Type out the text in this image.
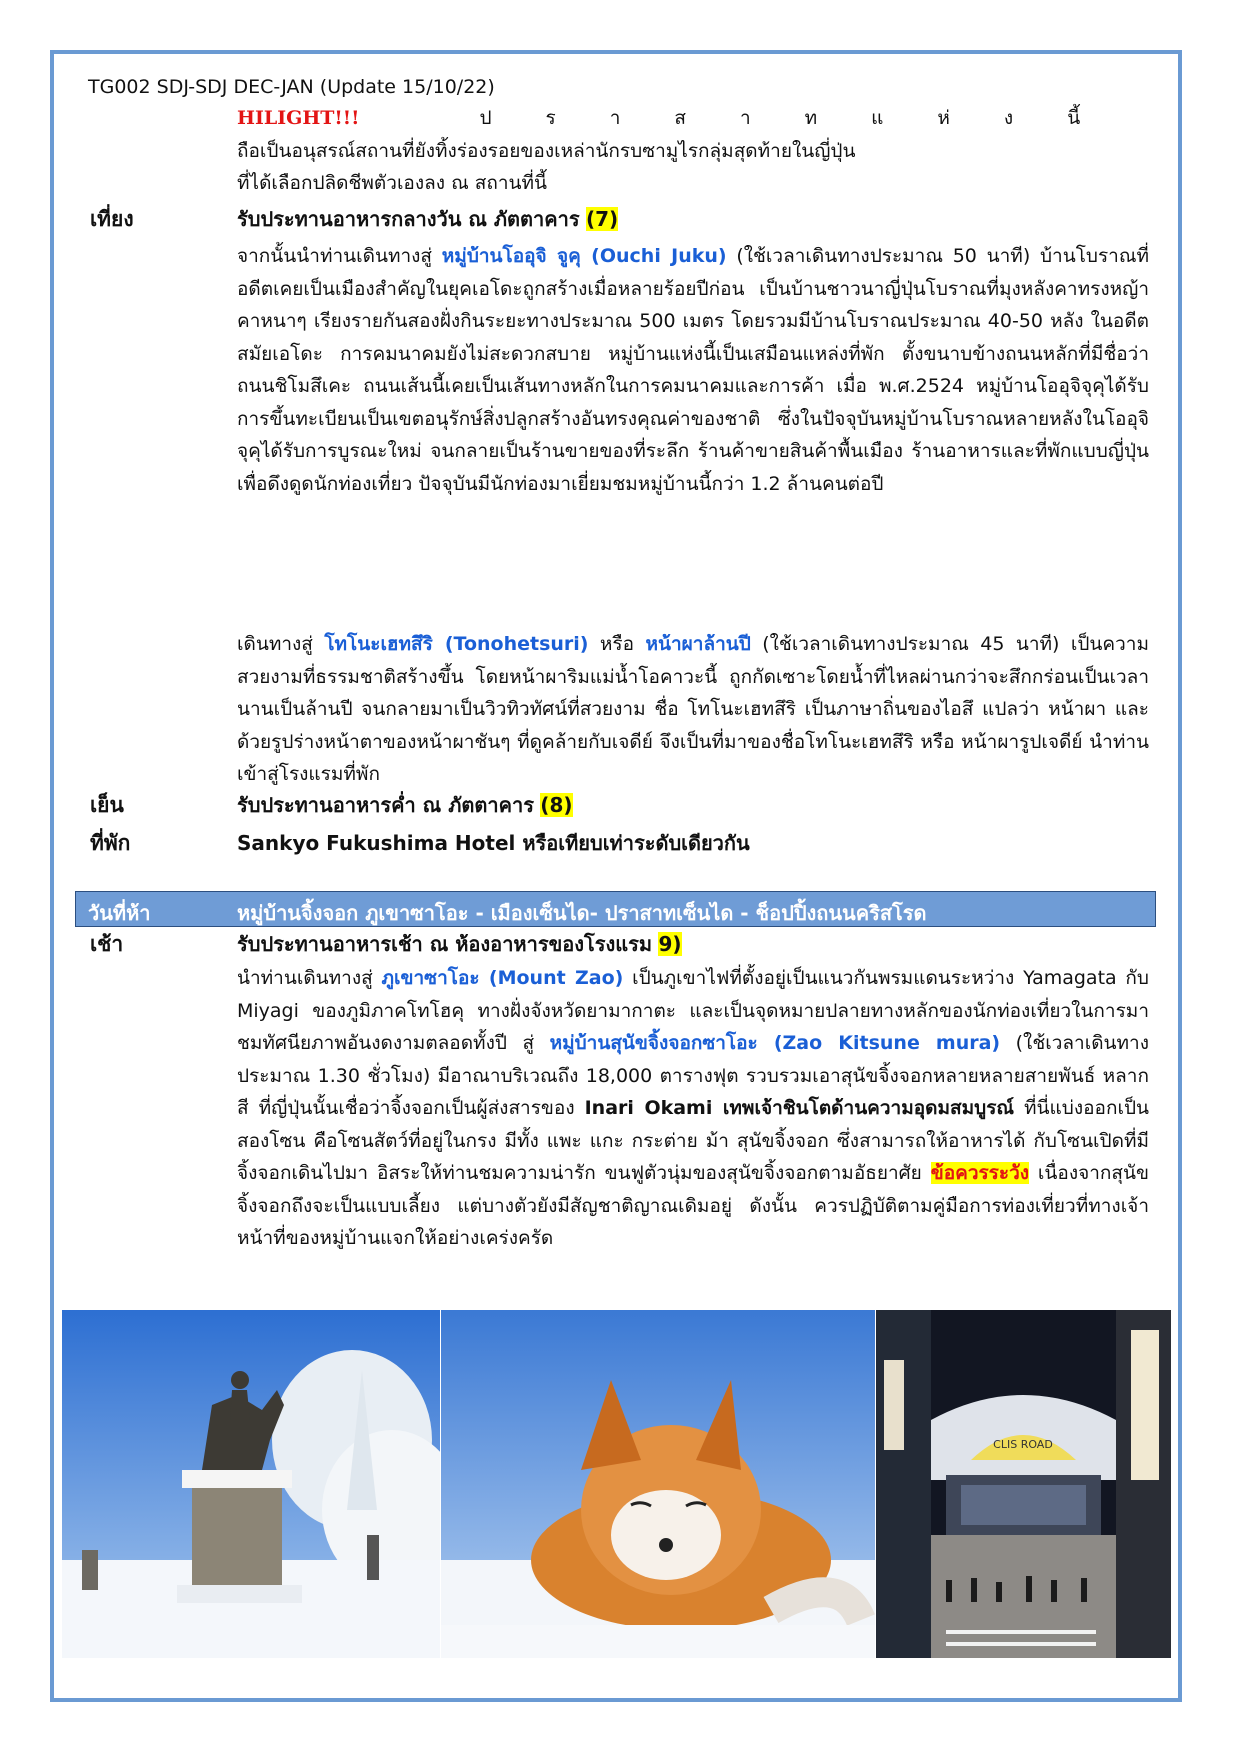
TG002 SDJ-SDJ DEC-JAN (Update 15/10/22)
HILIGHT!!!	ปราสาทแห่งนี้
ถือเป็นอนุสรณ์สถานที่ยังทิ้งร่องรอยของเหล่านักรบซามูไรกลุ่มสุดท้ายในญี่ปุ่น
ที่ได้เลือกปลิดชีพตัวเองลง ณ สถานที่นี้
เที่ยง	รับประทานอาหารกลางวัน ณ ภัตตาคาร (7)
จากนั้นนำท่านเดินทางสู่ หมู่บ้านโออุจิ จูคุ (Ouchi Juku) (ใช้เวลาเดินทางประมาณ 50 นาที) บ้านโบราณที่อดีตเคยเป็นเมืองสำคัญในยุคเอโดะถูกสร้างเมื่อหลายร้อยปีก่อน เป็นบ้านชาวนาญี่ปุ่นโบราณที่มุงหลังคาทรงหญ้าคาหนาๆ เรียงรายกันสองฝั่งกินระยะทางประมาณ 500 เมตร โดยรวมมีบ้านโบราณประมาณ 40-50 หลัง ในอดีตสมัยเอโดะ การคมนาคมยังไม่สะดวกสบาย หมู่บ้านแห่งนี้เป็นเสมือนแหล่งที่พัก ตั้งขนาบข้างถนนหลักที่มีชื่อว่าถนนชิโมสึเคะ ถนนเส้นนี้เคยเป็นเส้นทางหลักในการคมนาคมและการค้า เมื่อ พ.ศ.2524 หมู่บ้านโออุจิจุคุได้รับการขึ้นทะเบียนเป็นเขตอนุรักษ์สิ่งปลูกสร้างอันทรงคุณค่าของชาติ ซึ่งในปัจจุบันหมู่บ้านโบราณหลายหลังในโออุจิ จุคุได้รับการบูรณะใหม่ จนกลายเป็นร้านขายของที่ระลึก ร้านค้าขายสินค้าพื้นเมือง ร้านอาหารและที่พักแบบญี่ปุ่นเพื่อดึงดูดนักท่องเที่ยว ปัจจุบันมีนักท่องมาเยี่ยมชมหมู่บ้านนี้กว่า 1.2 ล้านคนต่อปี
เดินทางสู่ โทโนะเฮทสึริ (Tonohetsuri) หรือ หน้าผาล้านปี (ใช้เวลาเดินทางประมาณ 45 นาที) เป็นความสวยงามที่ธรรมชาติสร้างขึ้น โดยหน้าผาริมแม่น้ำโอคาวะนี้ ถูกกัดเซาะโดยน้ำที่ไหลผ่านกว่าจะสึกกร่อนเป็นเวลานานเป็นล้านปี จนกลายมาเป็นวิวทิวทัศน์ที่สวยงาม ชื่อ โทโนะเฮทสึริ เป็นภาษาถิ่นของไอสึ แปลว่า หน้าผา และด้วยรูปร่างหน้าตาของหน้าผาชันๆ ที่ดูคล้ายกับเจดีย์ จึงเป็นที่มาของชื่อโทโนะเฮทสึริ หรือ หน้าผารูปเจดีย์ นำท่านเข้าสู่โรงแรมที่พัก
เย็น	รับประทานอาหารค่ำ ณ ภัตตาคาร (8)
ที่พัก	Sankyo Fukushima Hotel หรือเทียบเท่าระดับเดียวกัน
วันที่ห้า	หมู่บ้านจิ้งจอก ภูเขาซาโอะ - เมืองเซ็นได- ปราสาทเซ็นได - ช็อปปิ้งถนนคริสโรด
เช้า	รับประทานอาหารเช้า ณ ห้องอาหารของโรงแรม 9)
นำท่านเดินทางสู่ ภูเขาซาโอะ (Mount Zao) เป็นภูเขาไฟที่ตั้งอยู่เป็นแนวกันพรมแดนระหว่าง Yamagata กับ Miyagi ของภูมิภาคโทโฮคุ ทางฝั่งจังหวัดยามากาตะ และเป็นจุดหมายปลายทางหลักของนักท่องเที่ยวในการมาชมทัศนียภาพอันงดงามตลอดทั้งปี สู่ หมู่บ้านสุนัขจิ้งจอกซาโอะ (Zao Kitsune mura) (ใช้เวลาเดินทางประมาณ 1.30 ชั่วโมง) มีอาณาบริเวณถึง 18,000 ตารางฟุต รวบรวมเอาสุนัขจิ้งจอกหลายหลายสายพันธ์ หลากสี ที่ญี่ปุ่นนั้นเชื่อว่าจิ้งจอกเป็นผู้ส่งสารของ Inari Okami เทพเจ้าชินโตด้านความอุดมสมบูรณ์ ที่นี่แบ่งออกเป็นสองโซน คือโซนสัตว์ที่อยู่ในกรง มีทั้ง แพะ แกะ กระต่าย ม้า สุนัขจิ้งจอก ซึ่งสามารถให้อาหารได้ กับโซนเปิดที่มีจิ้งจอกเดินไปมา อิสระให้ท่านชมความน่ารัก ขนฟูตัวนุ่มของสุนัขจิ้งจอกตามอัธยาศัย ข้อควรระวัง เนื่องจากสุนัขจิ้งจอกถึงจะเป็นแบบเลี้ยง แต่บางตัวยังมีสัญชาติญาณเดิมอยู่ ดังนั้น ควรปฏิบัติตามคู่มือการท่องเที่ยวที่ทางเจ้าหน้าที่ของหมู่บ้านแจกให้อย่างเคร่งครัด
CLIS ROAD
